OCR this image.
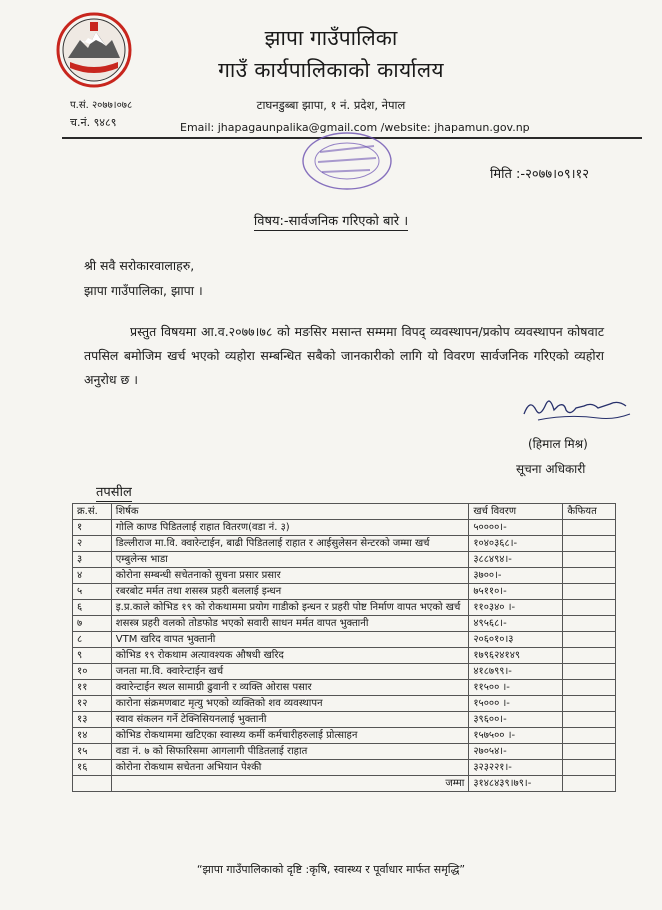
झापा गाउँपालिका
गाउँ कार्यपालिकाको कार्यालय
टाघनडुब्बा झापा, १ नं. प्रदेश, नेपाल
Email: jhapagaunpalika@gmail.com /website: jhapamun.gov.np
प.सं. २०७७।०७८
च.नं. ९४८९
मिति :-२०७७।०९।१२
विषय:-सार्वजनिक गरिएको बारे ।
श्री सवै सरोकारवालाहरु,
झापा गाउँपालिका, झापा ।
प्रस्तुत विषयमा आ.व.२०७७।७८ को मङसिर मसान्त सम्ममा विपद् व्यवस्थापन/प्रकोप व्यवस्थापन कोषवाट तपसिल बमोजिम खर्च भएको व्यहोरा सम्बन्धित सबैको जानकारीको लागि यो विवरण सार्वजनिक गरिएको व्यहोरा अनुरोध छ ।
(हिमाल मिश्र)
सूचना अधिकारी
तपसील
क्र.सं.	शिर्षक	खर्च विवरण	कैफियत
१	गोलि काण्ड पिडितलाई राहात वितरण(वडा नं. ३)	५००००।-	
२	डिल्लीराज मा.वि. क्वारेन्टाईन, बाढी पिडितलाई राहात र आईसुलेसन सेन्टरको जम्मा खर्च	१०४०३६८।-	
३	एम्बुलेन्स भाडा	३८८४९४।-	
४	कोरोना सम्बन्धी सचेतनाको सुचना प्रसार प्रसार	३७००।-	
५	रबरबोट मर्मत तथा शसस्त्र प्रहरी बललाई इन्धन	७५११०।-	
६	इ.प्र.काले कोभिड १९ को रोकथाममा प्रयोग गाडीको इन्धन र प्रहरी पोष्ट निर्माण वापत भएको खर्च	११०३४० ।-	
७	शसस्त्र प्रहरी वलको तोडफोड भएको सवारी साधन मर्मत वापत भुक्तानी	४९५६८।-	
८	VTM खरिद वापत भुक्तानी	२०६०१०।३	
९	कोभिड १९ रोकथाम अत्यावश्यक औषधी खरिद	१७९६२४१४९	
१०	जनता मा.वि. क्वारेन्टाईन खर्च	४१८७९९।-	
११	क्वारेन्टाईन स्थल सामाग्री ढुवानी र व्यक्ति ओरास पसार	११५०० ।-	
१२	कारोना संक्रमणबाट मृत्यु भएको व्यक्तिको शव व्यवस्थापन	१५००० ।-	
१३	स्वाव संकलन गर्ने टेक्निसियनलाई भुक्तानी	३९६००।-	
१४	कोभिड रोकथाममा खटिएका स्वास्थ्य कर्मी कर्मचारीहरुलाई प्रोत्साहन	१५७५०० ।-	
१५	वडा नं. ७ को सिफारिसमा आगलागी पीडितलाई राहात	२७०५४।-	
१६	कोरोना रोकथाम सचेतना अभियान पेश्की	३२३२२१।-	
	जम्मा	३१४८४३९।७९।-	
“झापा गाउँपालिकाको दृष्टि :कृषि, स्वास्थ्य र पूर्वाधार मार्फत समृद्धि”
